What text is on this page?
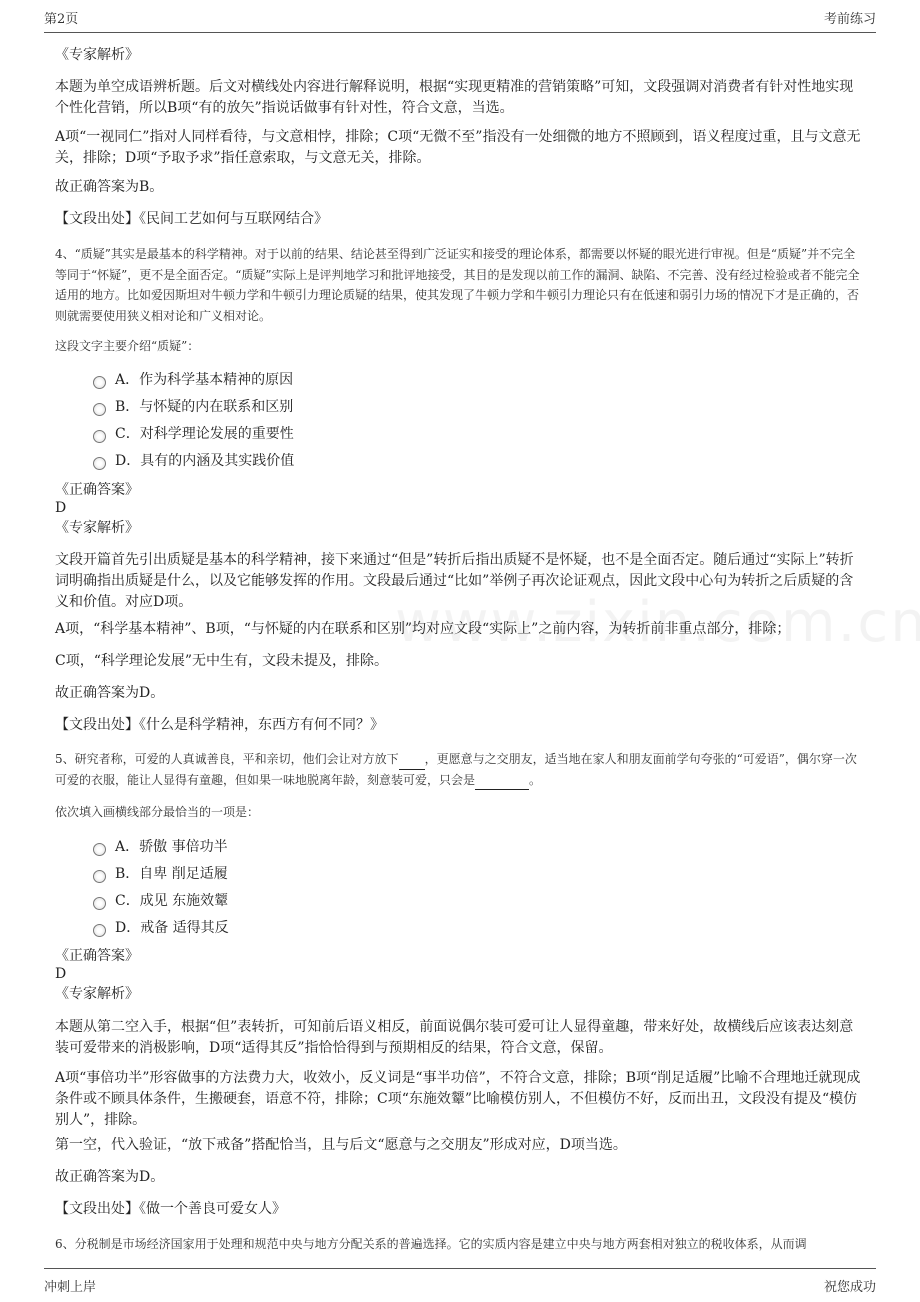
第2页	考前练习
《专家解析》
本题为单空成语辨析题。后文对横线处内容进行解释说明，根据“实现更精准的营销策略”可知，文段强调对消费者有针对性地实现个性化营销，所以B项“有的放矢”指说话做事有针对性，符合文意，当选。
A项“一视同仁”指对人同样看待，与文意相悖，排除；C项“无微不至”指没有一处细微的地方不照顾到，语义程度过重，且与文意无关，排除；D项“予取予求”指任意索取，与文意无关，排除。
故正确答案为B。
【文段出处】《民间工艺如何与互联网结合》
4、“质疑”其实是最基本的科学精神。对于以前的结果、结论甚至得到广泛证实和接受的理论体系，都需要以怀疑的眼光进行审视。但是“质疑”并不完全等同于“怀疑”，更不是全面否定。“质疑”实际上是评判地学习和批评地接受，其目的是发现以前工作的漏洞、缺陷、不完善、没有经过检验或者不能完全适用的地方。比如爱因斯坦对牛顿力学和牛顿引力理论质疑的结果，使其发现了牛顿力学和牛顿引力理论只有在低速和弱引力场的情况下才是正确的，否则就需要使用狭义相对论和广义相对论。
这段文字主要介绍“质疑”：
A． 作为科学基本精神的原因
B． 与怀疑的内在联系和区别
C． 对科学理论发展的重要性
D． 具有的内涵及其实践价值
《正确答案》
D
《专家解析》
文段开篇首先引出质疑是基本的科学精神，接下来通过“但是”转折后指出质疑不是怀疑，也不是全面否定。随后通过“实际上”转折词明确指出质疑是什么，以及它能够发挥的作用。文段最后通过“比如”举例子再次论证观点，因此文段中心句为转折之后质疑的含义和价值。对应D项。
A项，“科学基本精神”、B项，“与怀疑的内在联系和区别”均对应文段“实际上”之前内容，为转折前非重点部分，排除；
C项，“科学理论发展”无中生有，文段未提及，排除。
故正确答案为D。
【文段出处】《什么是科学精神，东西方有何不同？》
5、研究者称，可爱的人真诚善良，平和亲切，他们会让对方放下 ，更愿意与之交朋友，适当地在家人和朋友面前学句夸张的“可爱语”，偶尔穿一次可爱的衣服，能让人显得有童趣，但如果一味地脱离年龄，刻意装可爱，只会是	。
依次填入画横线部分最恰当的一项是：
A． 骄傲 事倍功半
B． 自卑 削足适履
C． 成见 东施效颦
D． 戒备 适得其反
《正确答案》
D
《专家解析》
本题从第二空入手，根据“但”表转折，可知前后语义相反，前面说偶尔装可爱可让人显得童趣，带来好处，故横线后应该表达刻意装可爱带来的消极影响，D项“适得其反”指恰恰得到与预期相反的结果，符合文意，保留。
A项“事倍功半”形容做事的方法费力大，收效小，反义词是“事半功倍”，不符合文意，排除；B项“削足适履”比喻不合理地迁就现成条件或不顾具体条件，生搬硬套，语意不符，排除；C项“东施效颦”比喻模仿别人，不但模仿不好，反而出丑，文段没有提及“模仿别人”，排除。
第一空，代入验证，“放下戒备”搭配恰当，且与后文“愿意与之交朋友”形成对应，D项当选。
故正确答案为D。
【文段出处】《做一个善良可爱女人》
6、分税制是市场经济国家用于处理和规范中央与地方分配关系的普遍选择。它的实质内容是建立中央与地方两套相对独立的税收体系，从而调
冲刺上岸	祝您成功
